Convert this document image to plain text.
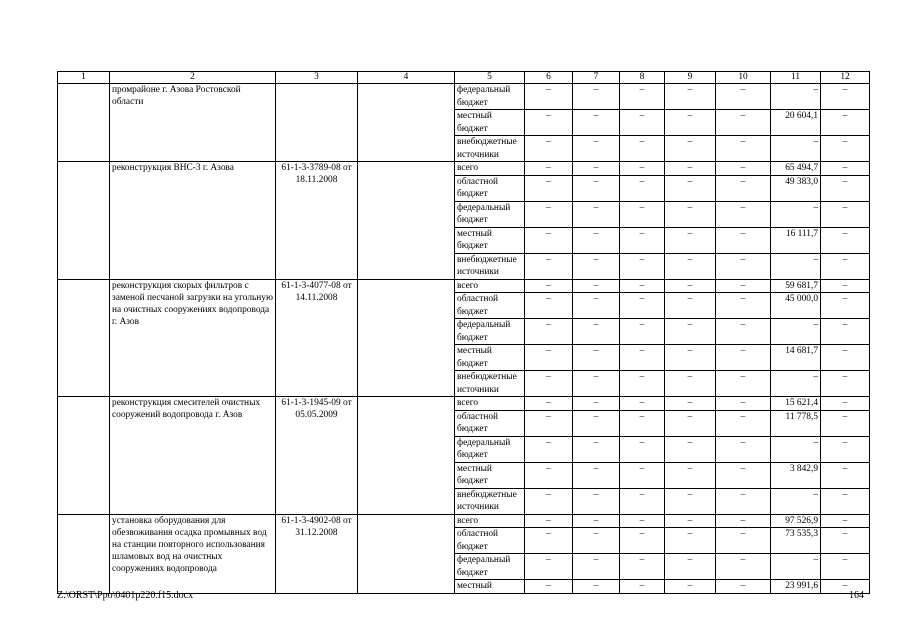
1	2	3	4	5	6	7	8	9	10	11	12
	промрайоне г. Азова Ростовской области			федеральный бюджет	–	–	–	–	–	–	–
				местный бюджет	–	–	–	–	–	20 604,1	–
				внебюджетные источники	–	–	–	–	–	–	–
	реконструкция ВНС-3 г. Азова	61-1-3-3789-08 от 18.11.2008		всего	–	–	–	–	–	65 494,7	–
				областной бюджет	–	–	–	–	–	49 383,0	–
				федеральный бюджет	–	–	–	–	–	–	–
				местный бюджет	–	–	–	–	–	16 111,7	–
				внебюджетные источники	–	–	–	–	–	–	–
	реконструкция скорых фильтров с заменой песчаной загрузки на угольную на очистных сооружениях водопровода г. Азов	61-1-3-4077-08 от 14.11.2008		всего	–	–	–	–	–	59 681,7	–
				областной бюджет	–	–	–	–	–	45 000,0	–
				федеральный бюджет	–	–	–	–	–	–	–
				местный бюджет	–	–	–	–	–	14 681,7	–
				внебюджетные источники	–	–	–	–	–	–	–
	реконструкция смесителей очистных сооружений водопровода г. Азов	61-1-3-1945-09 от 05.05.2009		всего	–	–	–	–	–	15 621,4	–
				областной бюджет	–	–	–	–	–	11 778,5	–
				федеральный бюджет	–	–	–	–	–	–	–
				местный бюджет	–	–	–	–	–	3 842,9	–
				внебюджетные источники	–	–	–	–	–	–	–
	установка оборудования для обезвоживания осадка промывных вод на станции повторного использования шламовых вод на очистных сооружениях водопровода	61-1-3-4902-08 от 31.12.2008		всего	–	–	–	–	–	97 526,9	–
				областной бюджет	–	–	–	–	–	73 535,3	–
				федеральный бюджет	–	–	–	–	–	–	–
				местный	–	–	–	–	–	23 991,6	–
Z:\ORST\Ppo\0401p220.f15.docx	164
